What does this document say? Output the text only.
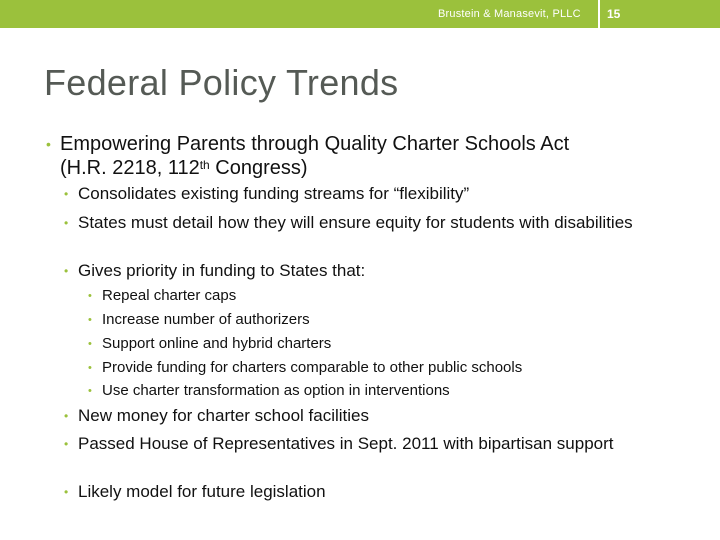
Brustein & Manasevit, PLLC 15
Federal Policy Trends
• Empowering Parents through Quality Charter Schools Act
(H.R. 2218, 112th Congress)
• Consolidates existing funding streams for “flexibility”
• States must detail how they will ensure equity for students with disabilities
• Gives priority in funding to States that:
• Repeal charter caps
• Increase number of authorizers
• Support online and hybrid charters
• Provide funding for charters comparable to other public schools
• Use charter transformation as option in interventions
• New money for charter school facilities
• Passed House of Representatives in Sept. 2011 with bipartisan support
• Likely model for future legislation
